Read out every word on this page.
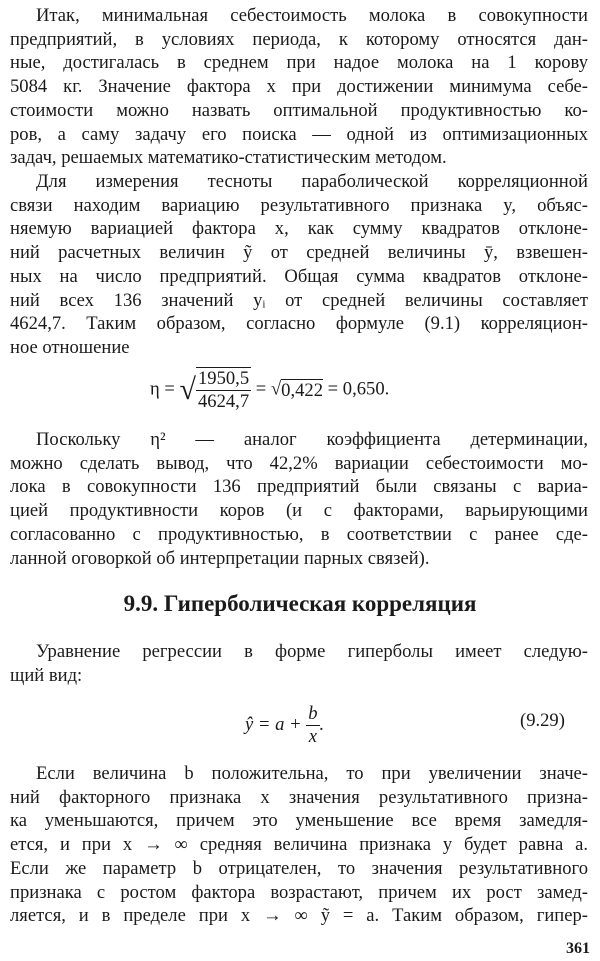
Итак, минимальная себестоимость молока в совокупности
предприятий, в условиях периода, к которому относятся дан-
ные, достигалась в среднем при надое молока на 1 корову
5084 кг. Значение фактора x при достижении минимума себе-
стоимости можно назвать оптимальной продуктивностью ко-
ров, а саму задачу его поиска — одной из оптимизационных
задач, решаемых математико-статистическим методом.
Для измерения тесноты параболической корреляционной
связи находим вариацию результативного признака y, объяс-
няемую вариацией фактора x, как сумму квадратов отклоне-
ний расчетных величин ỹ от средней величины ȳ, взвешен-
ных на число предприятий. Общая сумма квадратов отклоне-
ний всех 136 значений yᵢ от средней величины составляет
4624,7. Таким образом, согласно формуле (9.1) корреляцион-
ное отношение
η = √ $\frac{1950,5}{4624,7} = √0,422 = 0,650$.
Поскольку η² — аналог коэффициента детерминации,
можно сделать вывод, что 42,2% вариации себестоимости мо-
лока в совокупности 136 предприятий были связаны с вариа-
цией продуктивности коров (и с факторами, варьирующими
согласованно с продуктивностью, в соответствии с ранее сде-
ланной оговоркой об интерпретации парных связей).
9.9. Гиперболическая корреляция
Уравнение регрессии в форме гиперболы имеет следую-
щий вид:
ŷ = $a + \frac{b}{x}$ .	(9.29)
Если величина b положительна, то при увеличении значе-
ний факторного признака x значения результативного призна-
ка уменьшаются, причем это уменьшение все время замедля-
ется, и при x → ∞ средняя величина признака y будет равна a.
Если же параметр b отрицателен, то значения результативного
признака с ростом фактора возрастают, причем их рост замед-
ляется, и в пределе при x → ∞ ỹ = a. Таким образом, гипер-
361
